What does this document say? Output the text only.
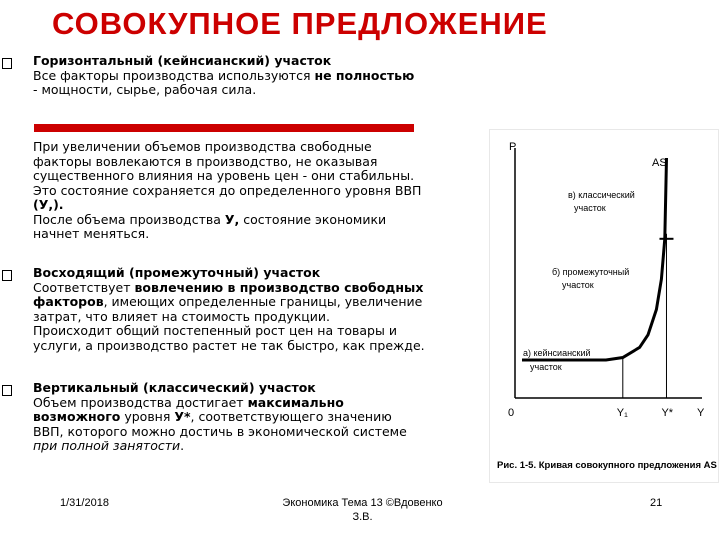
СОВОКУПНОЕ ПРЕДЛОЖЕНИЕ

Горизонтальный (кейнсианский) участок

Все факторы производства используются не полностью

- мощности, сырье, рабочая сила.

При увеличении объемов производства свободные

факторы вовлекаются в производство, не оказывая

существенного влияния на уровень цен - они стабильны.

Это состояние сохраняется до определенного уровня ВВП

(У,).

После объема производства У, состояние экономики

начнет меняться.

Восходящий (промежуточный) участок

Соответствует вовлечению в производство свободных

факторов, имеющих определенные границы, увеличение

затрат, что влияет на стоимость продукции.

Происходит общий постепенный рост цен на товары и

услуги, а производство растет не так быстро, как прежде.

Вертикальный (классический) участок

Объем производства достигает максимально

возможного уровня У*, соответствующего значению

ВВП, которого можно достичь в экономической системе

при полной занятости.

P
Y
0	Y₁	Y*
AS
в) классический
участок
б) промежуточный
участок
а) кейнсианский
участок
Рис. 1-5. Кривая совокупного предложения AS
1/31/2018	Экономика Тема 13 ©Вдовенко
З.В.
21
